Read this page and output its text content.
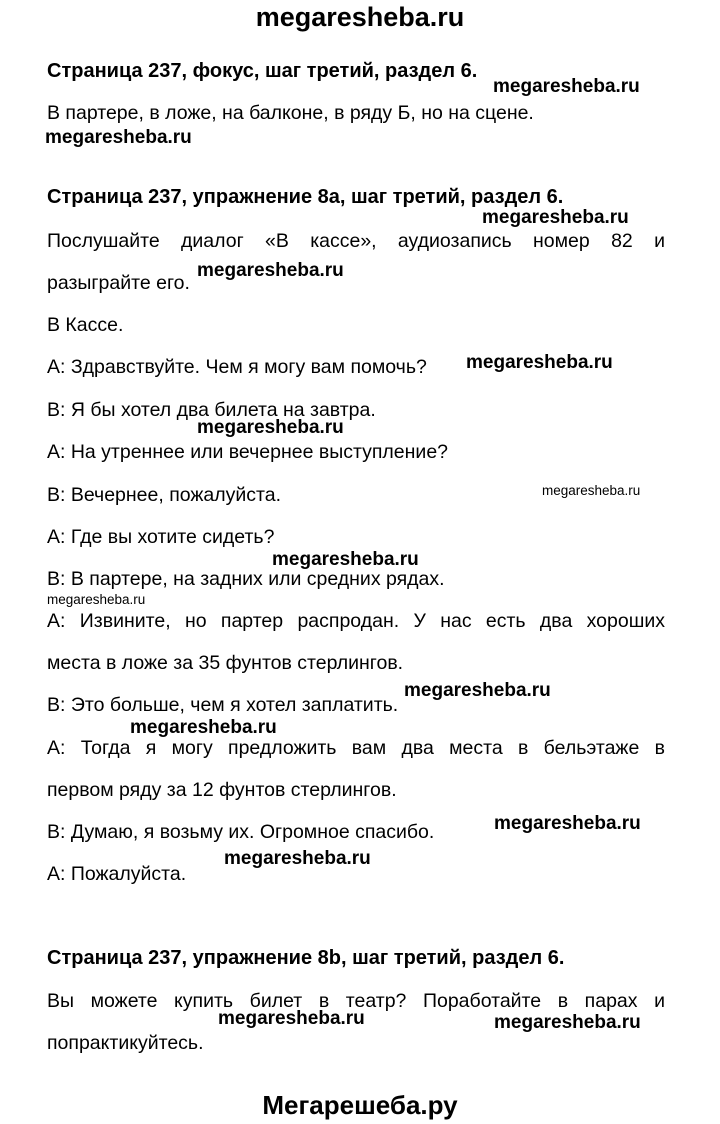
megaresheba.ru
Страница 237, фокус, шаг третий, раздел 6.
В партере, в ложе, на балконе, в ряду Б, но на сцене.
Страница 237, упражнение 8а, шаг третий, раздел 6.
Послушайте диалог «В кассе», аудиозапись номер 82 и
разыграйте его.
В Кассе.
А: Здравствуйте. Чем я могу вам помочь?
В: Я бы хотел два билета на завтра.
А: На утреннее или вечернее выступление?
В: Вечернее, пожалуйста.
А: Где вы хотите сидеть?
В: В партере, на задних или средних рядах.
А: Извините, но партер распродан. У нас есть два хороших
места в ложе за 35 фунтов стерлингов.
В: Это больше, чем я хотел заплатить.
А: Тогда я могу предложить вам два места в бельэтаже в
первом ряду за 12 фунтов стерлингов.
В: Думаю, я возьму их. Огромное спасибо.
А: Пожалуйста.
Страница 237, упражнение 8b, шаг третий, раздел 6.
Вы можете купить билет в театр? Поработайте в парах и
попрактикуйтесь.
megaresheba.ru
megaresheba.ru
megaresheba.ru
megaresheba.ru
megaresheba.ru
megaresheba.ru
megaresheba.ru
megaresheba.ru
megaresheba.ru
megaresheba.ru
megaresheba.ru
megaresheba.ru
megaresheba.ru
megaresheba.ru	megaresheba.ru
Мегарешеба.ру
